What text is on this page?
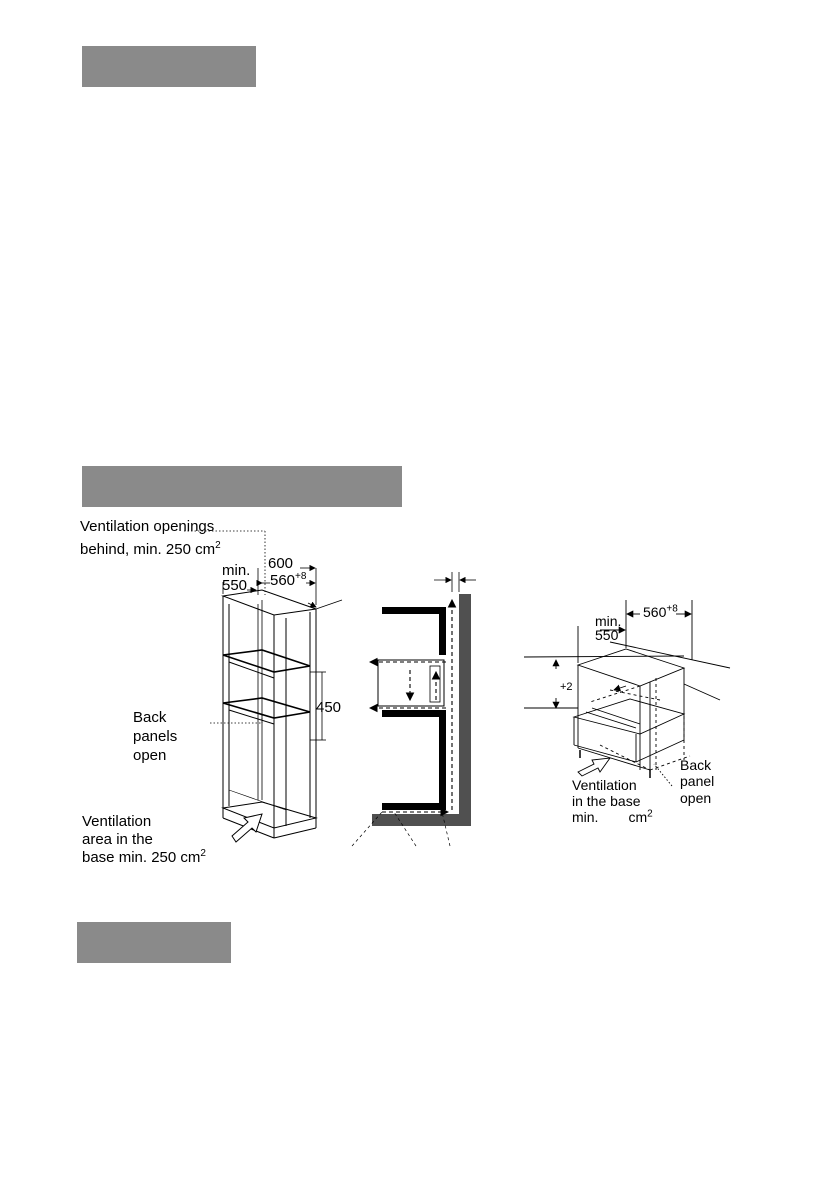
Ventilation openings
behind, min. 250 $cm^2$
600
min.
$560^{+8}$
550
450
Back
panels
open
Ventilation
area in the
base min. 250 $cm^2$
min.
550
$560^{+8}$
+2
Back
panel
open
Ventilation
in the base
min. $cm^2$
